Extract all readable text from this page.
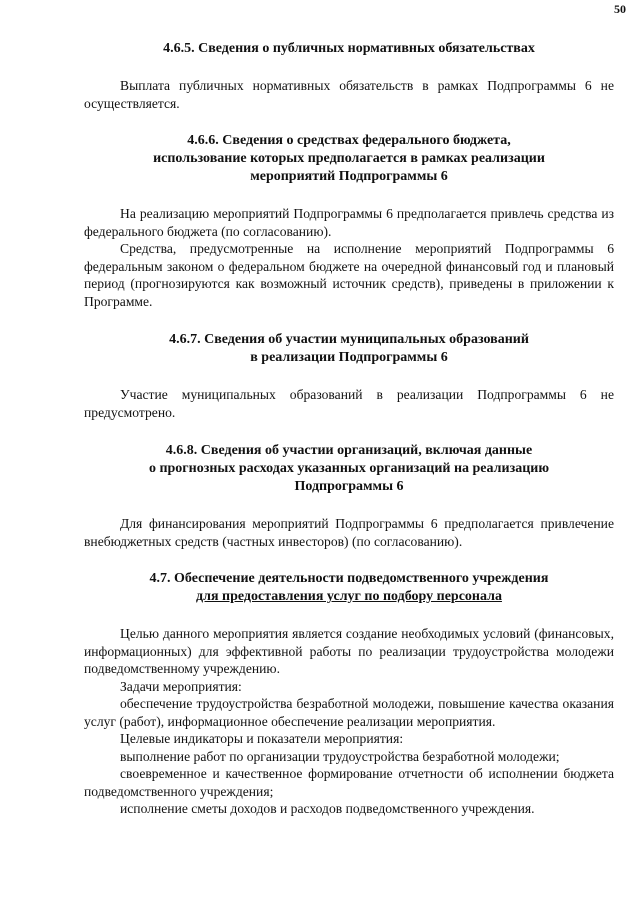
50
4.6.5. Сведения о публичных нормативных обязательствах

Выплата публичных нормативных обязательств в рамках Подпрограммы 6 не осуществляется.

4.6.6. Сведения о средствах федерального бюджета,
использование которых предполагается в рамках реализации
мероприятий Подпрограммы 6

На реализацию мероприятий Подпрограммы 6 предполагается привлечь средства из федерального бюджета (по согласованию).

Средства, предусмотренные на исполнение мероприятий Подпрограммы 6 федеральным законом о федеральном бюджете на очередной финансовый год и плановый период (прогнозируются как возможный источник средств), приведены в приложении к Программе.

4.6.7. Сведения об участии муниципальных образований
в реализации Подпрограммы 6

Участие муниципальных образований в реализации Подпрограммы 6 не предусмотрено.

4.6.8. Сведения об участии организаций, включая данные
о прогнозных расходах указанных организаций на реализацию
Подпрограммы 6

Для финансирования мероприятий Подпрограммы 6 предполагается привлечение внебюджетных средств (частных инвесторов) (по согласованию).

4.7. Обеспечение деятельности подведомственного учреждения
для предоставления услуг по подбору персонала

Целью данного мероприятия является создание необходимых условий (финансовых, информационных) для эффективной работы по реализации трудоустройства молодежи подведомственному учреждению.

Задачи мероприятия:

обеспечение трудоустройства безработной молодежи, повышение качества оказания услуг (работ), информационное обеспечение реализации мероприятия.

Целевые индикаторы и показатели мероприятия:

выполнение работ по организации трудоустройства безработной молодежи;

своевременное и качественное формирование отчетности об исполнении бюджета подведомственного учреждения;

исполнение сметы доходов и расходов подведомственного учреждения.
